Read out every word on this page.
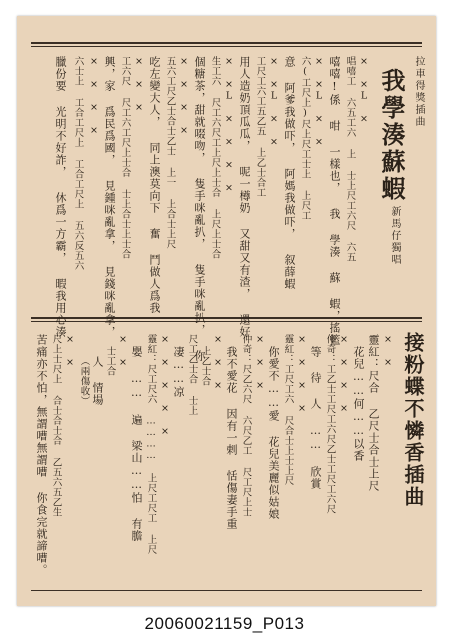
拉車得獎插曲
我學湊蘇蝦
新馬仔獨唱
× ×L ×
唱嘻工 六五工六 上 士上尺工六尺 六五
嘻嘻!係 咁 一樣也， 我 學湊 蘇 蝦，搖籃
× ×L × ×
六(工尺上)尺上尺工士上 上尺工
意 阿爹我做吓， 阿媽我做吓， 叙薛蝦
× ×L × ×
工尺工六工五乙五 上乙士合工
用人造奶頂瓜瓜， 呢一樽奶 又甜又有渣， 還好
× ×L × × × ×
生工六 尺工六尺工上尺上士合 上尺上士合
個糖茶，甜就啜吻， 隻手咪亂扒， 隻手咪亂扒， 你
× × × ×
五六工尺乙士合士乙士 上一 上合士上尺
吃左變大人， 同上澳莫向下 奮 鬥做人爲我
× × ×
工六尺 尺工六工尺上士合 士上合士上士合
興，家 爲民爲國， 見鍾咪亂拿， 見錢咪亂拿，
× × × ×
六士上 工合工尺上 工合工尺上 五六反五六
臘份要 光明不好詐， 休爲一方霸， 暇我用心湊
接粉蝶不憐香插曲
× ×
靈紅：尺合 乙尺士合士上尺
花兒……何……以香
× × × ×
仲奇：工乙士工尺工六尺乙士工尺工六尺
等 待 人 …… 欣賞
× × × ×
靈紅：工尺工六 尺合士上士上尺
你愛不……愛 花兒美麗似姑娘
× × ×
仲奇：尺乙六尺 六尺乙工 尺工尺上士
我不愛花 因有一剌 恬傷妻手重
× × ×
上乙士合
尺工乙士合 士上
凄……凉
× × × × ×
靈紅：尺工尺六 ………… 上尺工尺工 上尺
嬰 …… 遍 梁山……怕 有膽
× ×
士工合
人 情場
（兩傷收）
× ×
尺上士尺上 合士合士合 乙五六五乙生
苦痛亦不怕，無謂嘈無謂嘈 你食完就諦嘈。
20060021159_P013
